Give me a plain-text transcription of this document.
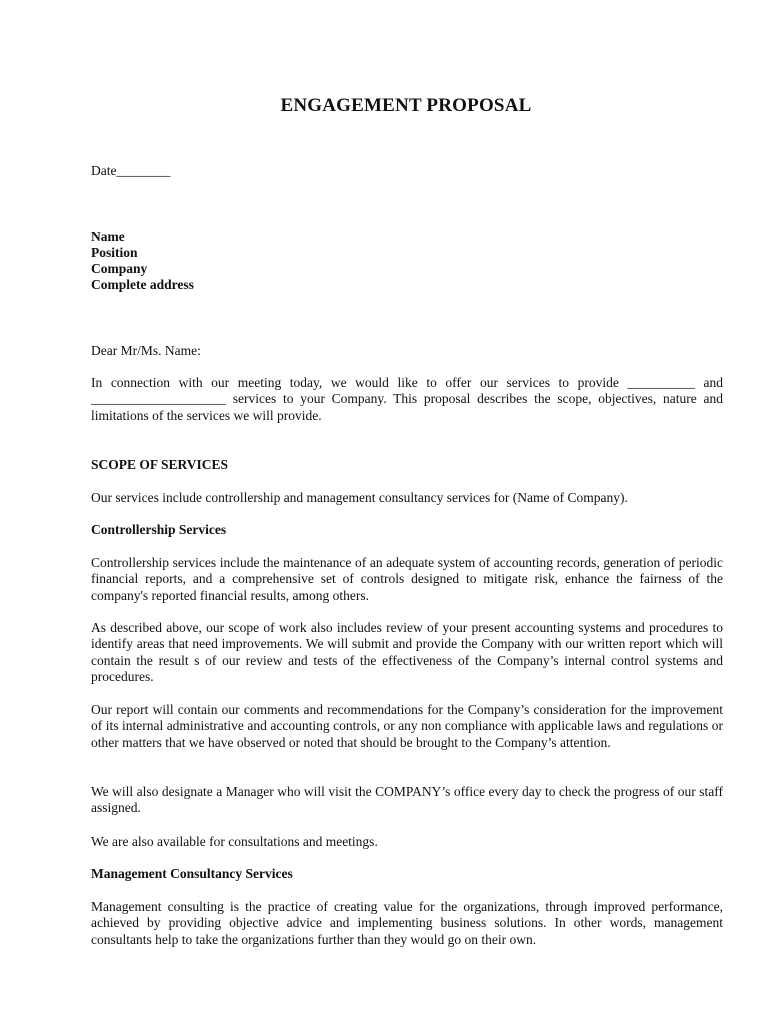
ENGAGEMENT PROPOSAL
Date________
Name
Position
Company
Complete address
Dear Mr/Ms. Name:
In connection with our meeting today, we would like to offer our services to provide __________ and ____________________ services to your Company. This proposal describes the scope, objectives, nature and limitations of the services we will provide.
SCOPE OF SERVICES
Our services include controllership and management consultancy services for (Name of Company).
Controllership Services
Controllership services include the maintenance of an adequate system of accounting records, generation of periodic financial reports, and a comprehensive set of controls designed to mitigate risk, enhance the fairness of the company's reported financial results, among others.
As described above, our scope of work also includes review of your present accounting systems and procedures to identify areas that need improvements. We will submit and provide the Company with our written report which will contain the result s of our review and tests of the effectiveness of the Company’s internal control systems and procedures.
Our report will contain our comments and recommendations for the Company’s consideration for the improvement of its internal administrative and accounting controls, or any non compliance with applicable laws and regulations or other matters that we have observed or noted that should be brought to the Company’s attention.
We will also designate a Manager who will visit the COMPANY’s office every day to check the progress of our staff assigned.
We are also available for consultations and meetings.
Management Consultancy Services
Management consulting is the practice of creating value for the organizations, through improved performance, achieved by providing objective advice and implementing business solutions. In other words, management consultants help to take the organizations further than they would go on their own.
